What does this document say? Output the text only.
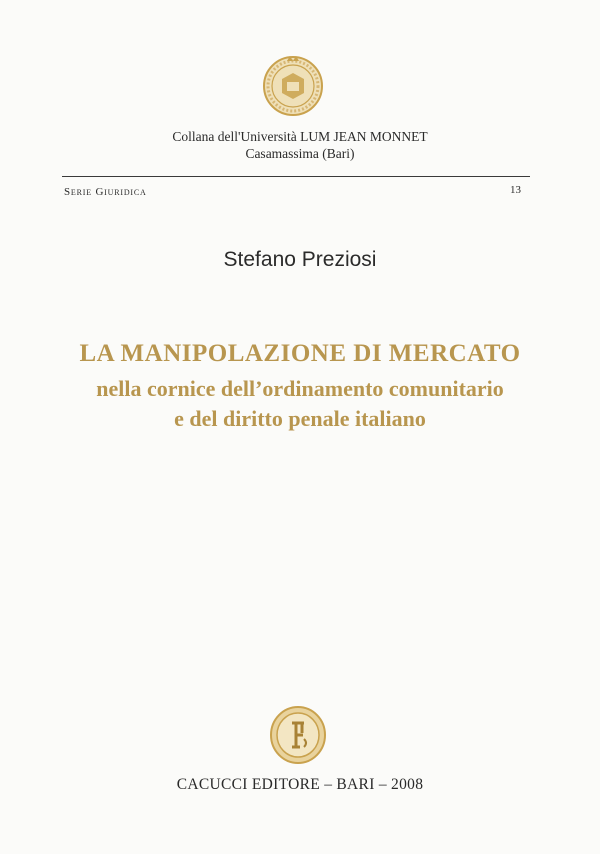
Collana dell'Università LUM JEAN MONNET
Casamassima (Bari)
Serie Giuridica	13
Stefano Preziosi
LA MANIPOLAZIONE DI MERCATO
nella cornice dell’ordinamento comunitario
e del diritto penale italiano
CACUCCI EDITORE – BARI – 2008
